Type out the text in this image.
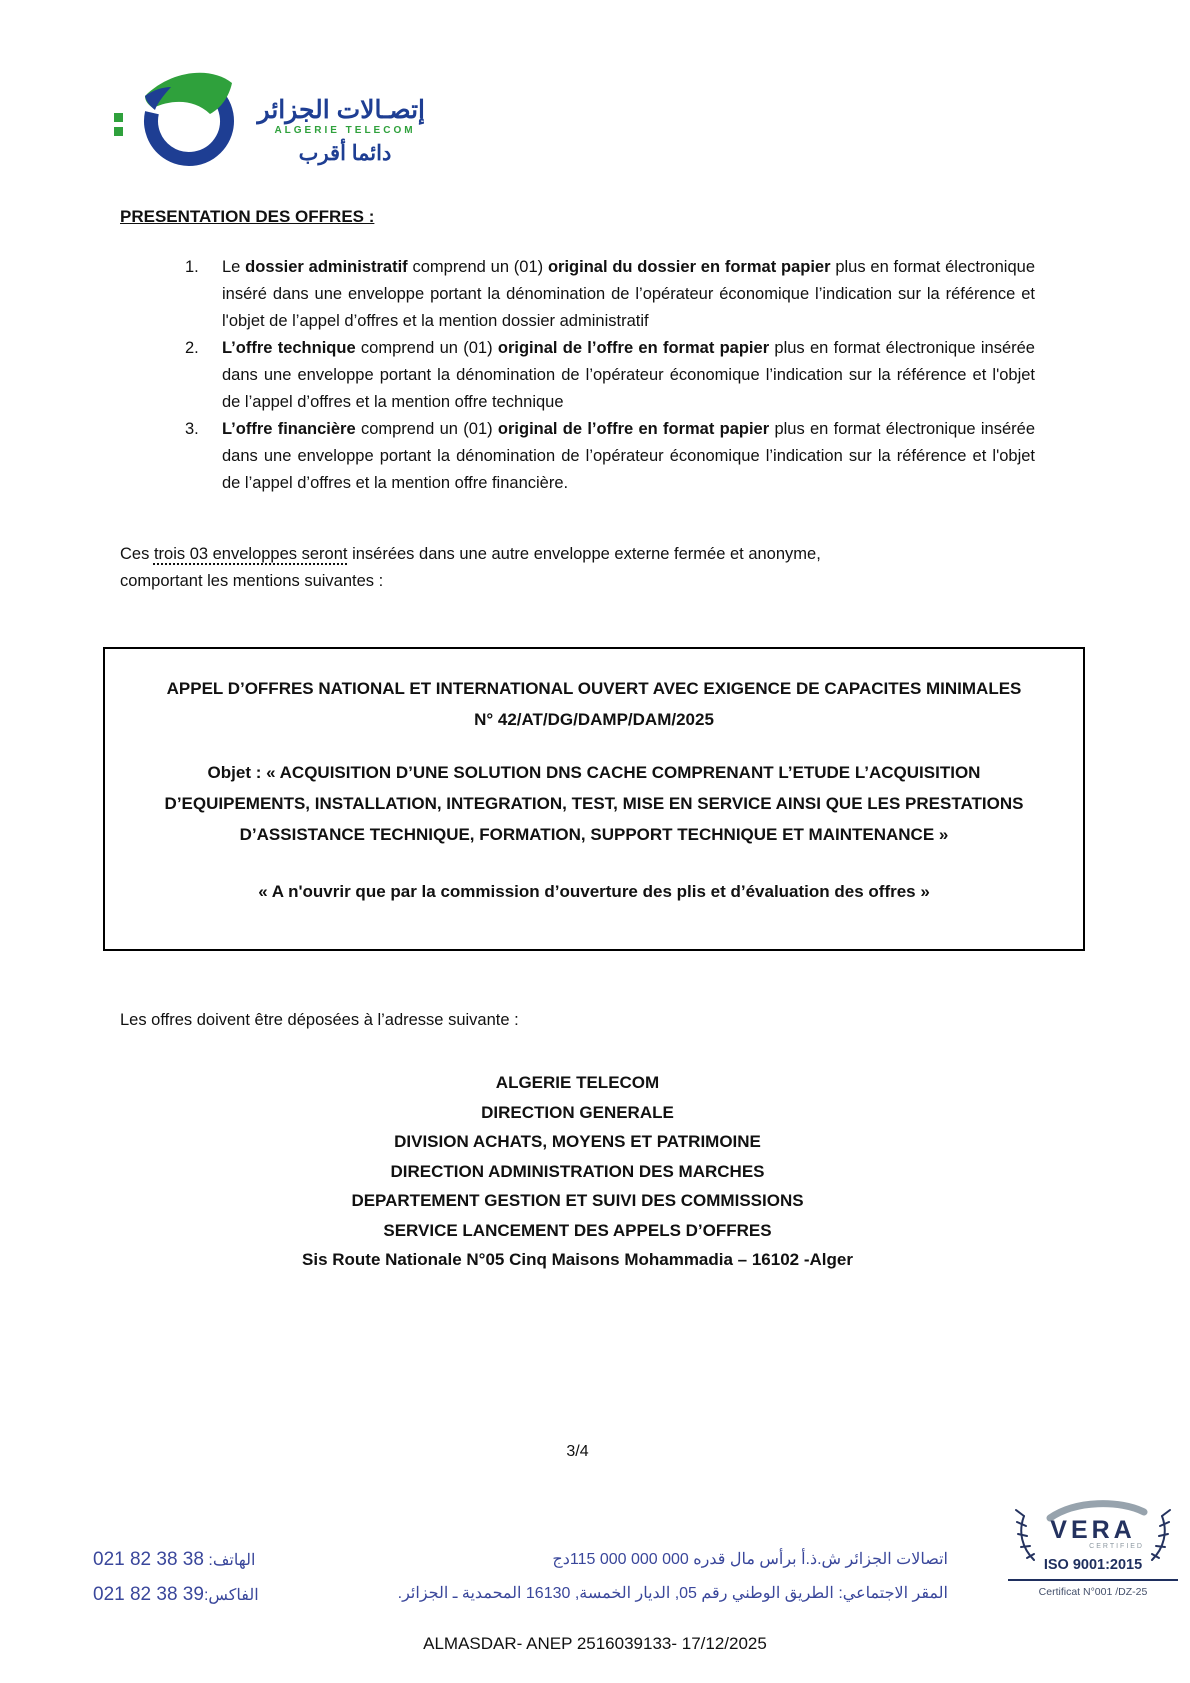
إتصـالات الجزائر
ALGERIE TELECOM
دائما أقرب
PRESENTATION DES OFFRES :
1.	Le dossier administratif comprend un (01) original du dossier en format papier plus en format électronique inséré dans une enveloppe portant la dénomination de l’opérateur économique l’indication sur la référence et l'objet de l’appel d’offres et la mention dossier administratif
2.	L’offre technique comprend un (01) original de l’offre en format papier plus en format électronique insérée dans une enveloppe portant la dénomination de l’opérateur économique l’indication sur la référence et l'objet de l’appel d’offres et la mention offre technique
3.	L’offre financière comprend un (01) original de l’offre en format papier plus en format électronique insérée dans une enveloppe portant la dénomination de l’opérateur économique l’indication sur la référence et l'objet de l’appel d’offres et la mention offre financière.
Ces trois 03 enveloppes seront insérées dans une autre enveloppe externe fermée et anonyme,
comportant les mentions suivantes :
APPEL D’OFFRES NATIONAL ET INTERNATIONAL OUVERT AVEC EXIGENCE DE CAPACITES MINIMALES
N° 42/AT/DG/DAMP/DAM/2025
Objet : « ACQUISITION D’UNE SOLUTION DNS CACHE COMPRENANT L’ETUDE L’ACQUISITION D’EQUIPEMENTS, INSTALLATION, INTEGRATION, TEST, MISE EN SERVICE AINSI QUE LES PRESTATIONS D’ASSISTANCE TECHNIQUE, FORMATION, SUPPORT TECHNIQUE ET MAINTENANCE »
« A n'ouvrir que par la commission d’ouverture des plis et d’évaluation des offres »
Les offres doivent être déposées à l’adresse suivante :
ALGERIE TELECOM
DIRECTION GENERALE
DIVISION ACHATS, MOYENS ET PATRIMOINE
DIRECTION ADMINISTRATION DES MARCHES
DEPARTEMENT GESTION ET SUIVI DES COMMISSIONS
SERVICE LANCEMENT DES APPELS D’OFFRES
Sis Route Nationale N°05 Cinq Maisons Mohammadia – 16102 -Alger
3/4
الهاتف: 021 82 38 38
الفاكس:021 82 38 39
اتصالات الجزائر ش.ذ.أ برأس مال قدره 115 000 000 000دج
المقر الاجتماعي: الطريق الوطني رقم 05, الديار الخمسة, 16130 المحمدية ـ الجزائر.
VERA
CERTIFIED
ISO 9001:2015
Certificat N°001 /DZ-25
ALMASDAR- ANEP 2516039133- 17/12/2025
